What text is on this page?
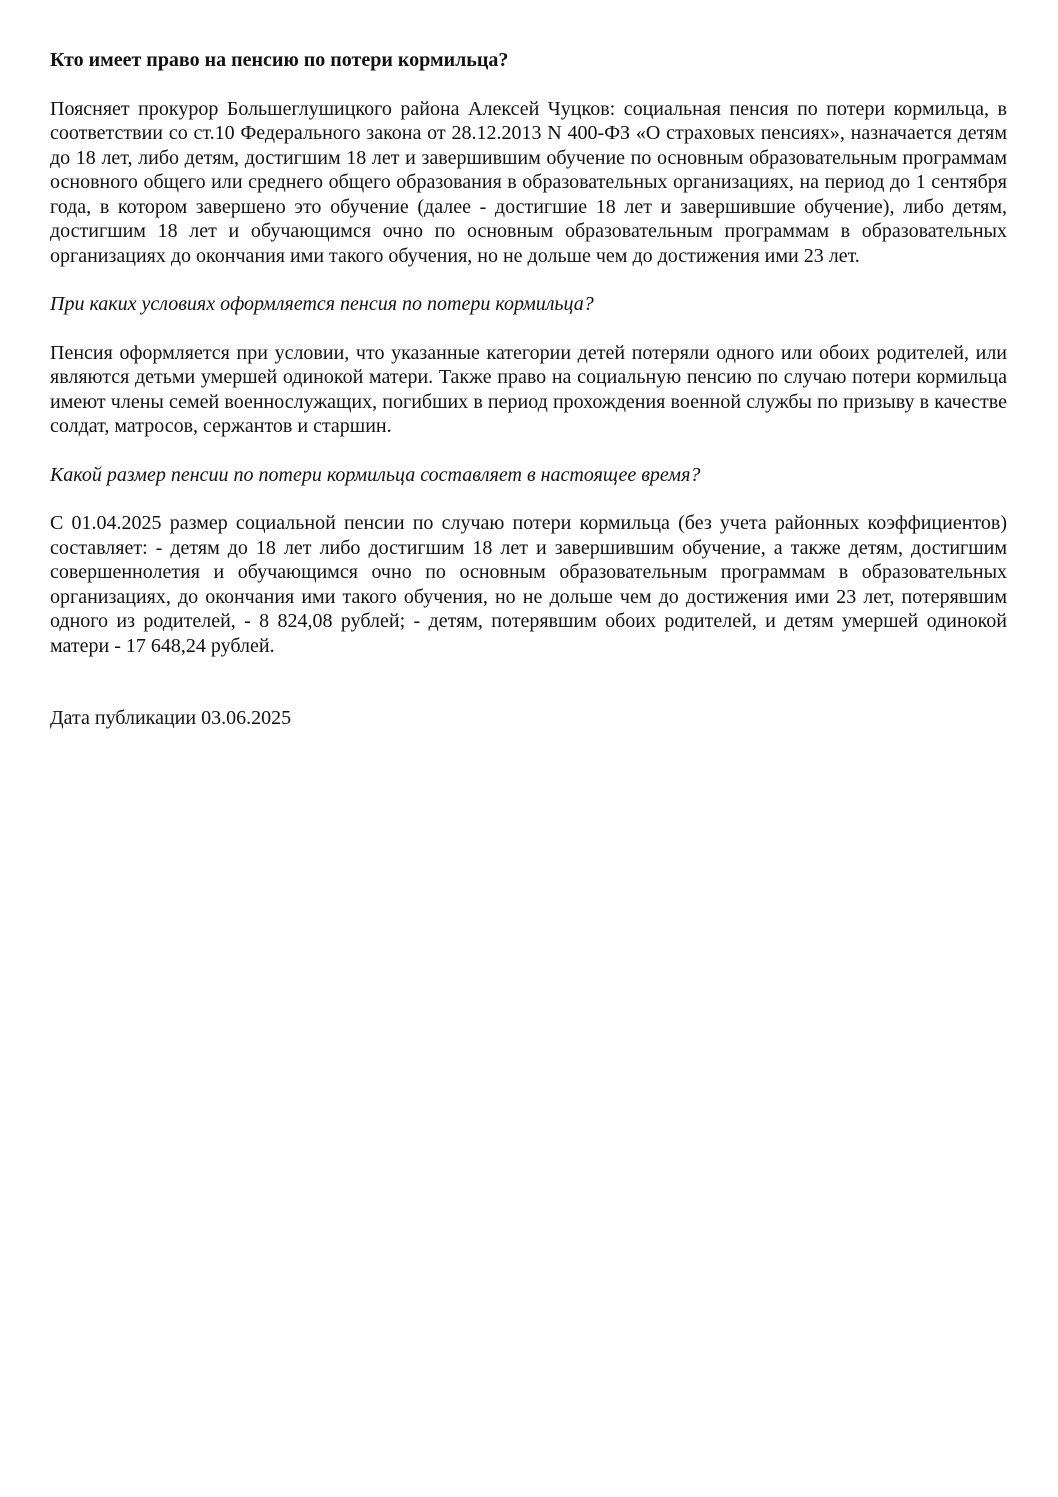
Кто имеет право на пенсию по потери кормильца?
Поясняет прокурор Большеглушицкого района Алексей Чуцков: социальная пенсия по потери кормильца, в соответствии со ст.10 Федерального закона от 28.12.2013 N 400-ФЗ «О страховых пенсиях», назначается детям до 18 лет, либо детям, достигшим 18 лет и завершившим обучение по основным образовательным программам основного общего или среднего общего образования в образовательных организациях, на период до 1 сентября года, в котором завершено это обучение (далее - достигшие 18 лет и завершившие обучение), либо детям, достигшим 18 лет и обучающимся очно по основным образовательным программам в образовательных организациях до окончания ими такого обучения, но не дольше чем до достижения ими 23 лет.
При каких условиях оформляется пенсия по потери кормильца?
Пенсия оформляется при условии, что указанные категории детей потеряли одного или обоих родителей, или являются детьми умершей одинокой матери. Также право на социальную пенсию по случаю потери кормильца имеют члены семей военнослужащих, погибших в период прохождения военной службы по призыву в качестве солдат, матросов, сержантов и старшин.
Какой размер пенсии по потери кормильца составляет в настоящее время?
С 01.04.2025 размер социальной пенсии по случаю потери кормильца (без учета районных коэффициентов) составляет: - детям до 18 лет либо достигшим 18 лет и завершившим обучение, а также детям, достигшим совершеннолетия и обучающимся очно по основным образовательным программам в образовательных организациях, до окончания ими такого обучения, но не дольше чем до достижения ими 23 лет, потерявшим одного из родителей, - 8 824,08 рублей; - детям, потерявшим обоих родителей, и детям умершей одинокой матери - 17 648,24 рублей.
Дата публикации 03.06.2025
